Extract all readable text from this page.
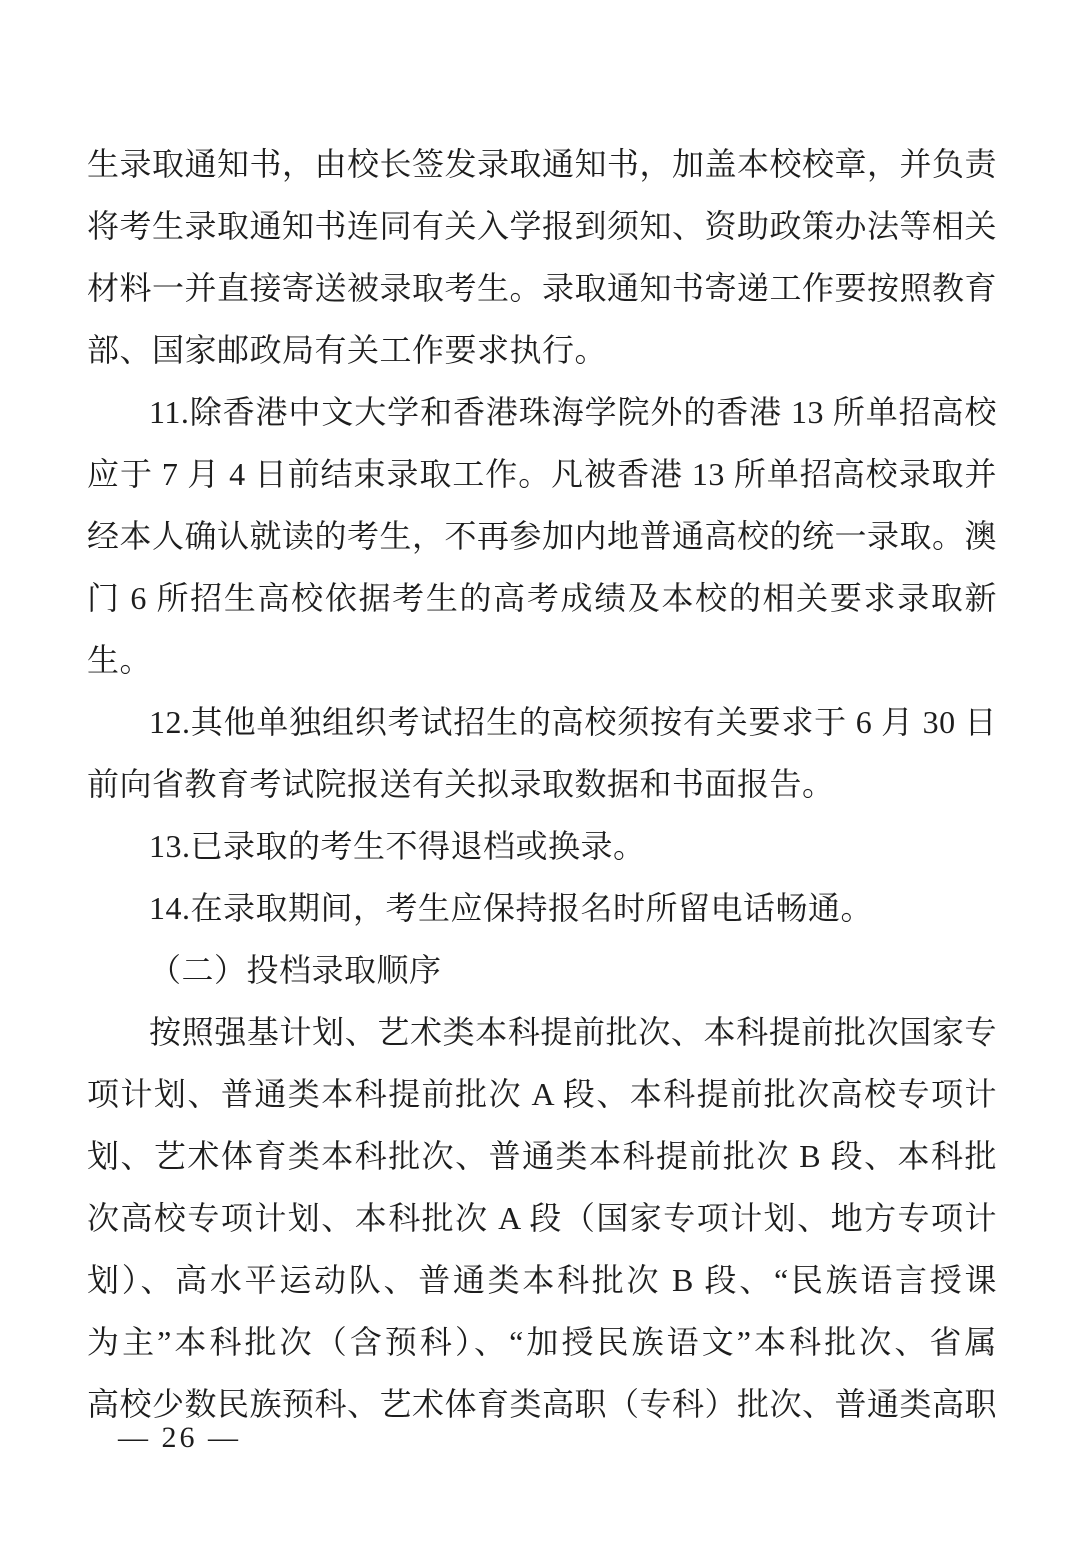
生录取通知书，由校长签发录取通知书，加盖本校校章，并负责
将考生录取通知书连同有关入学报到须知、资助政策办法等相关
材料一并直接寄送被录取考生。录取通知书寄递工作要按照教育
部、国家邮政局有关工作要求执行。
11.除香港中文大学和香港珠海学院外的香港 13 所单招高校
应于 7 月 4 日前结束录取工作。凡被香港 13 所单招高校录取并
经本人确认就读的考生，不再参加内地普通高校的统一录取。澳
门 6 所招生高校依据考生的高考成绩及本校的相关要求录取新
生。
12.其他单独组织考试招生的高校须按有关要求于 6 月 30 日
前向省教育考试院报送有关拟录取数据和书面报告。
13.已录取的考生不得退档或换录。
14.在录取期间，考生应保持报名时所留电话畅通。
（二）投档录取顺序
按照强基计划、艺术类本科提前批次、本科提前批次国家专
项计划、普通类本科提前批次 A 段、本科提前批次高校专项计
划、艺术体育类本科批次、普通类本科提前批次 B 段、本科批
次高校专项计划、本科批次 A 段（国家专项计划、地方专项计
划）、高水平运动队、普通类本科批次 B 段、“民族语言授课
为主”本科批次（含预科）、“加授民族语文”本科批次、省属
高校少数民族预科、艺术体育类高职（专科）批次、普通类高职
— 26 —
